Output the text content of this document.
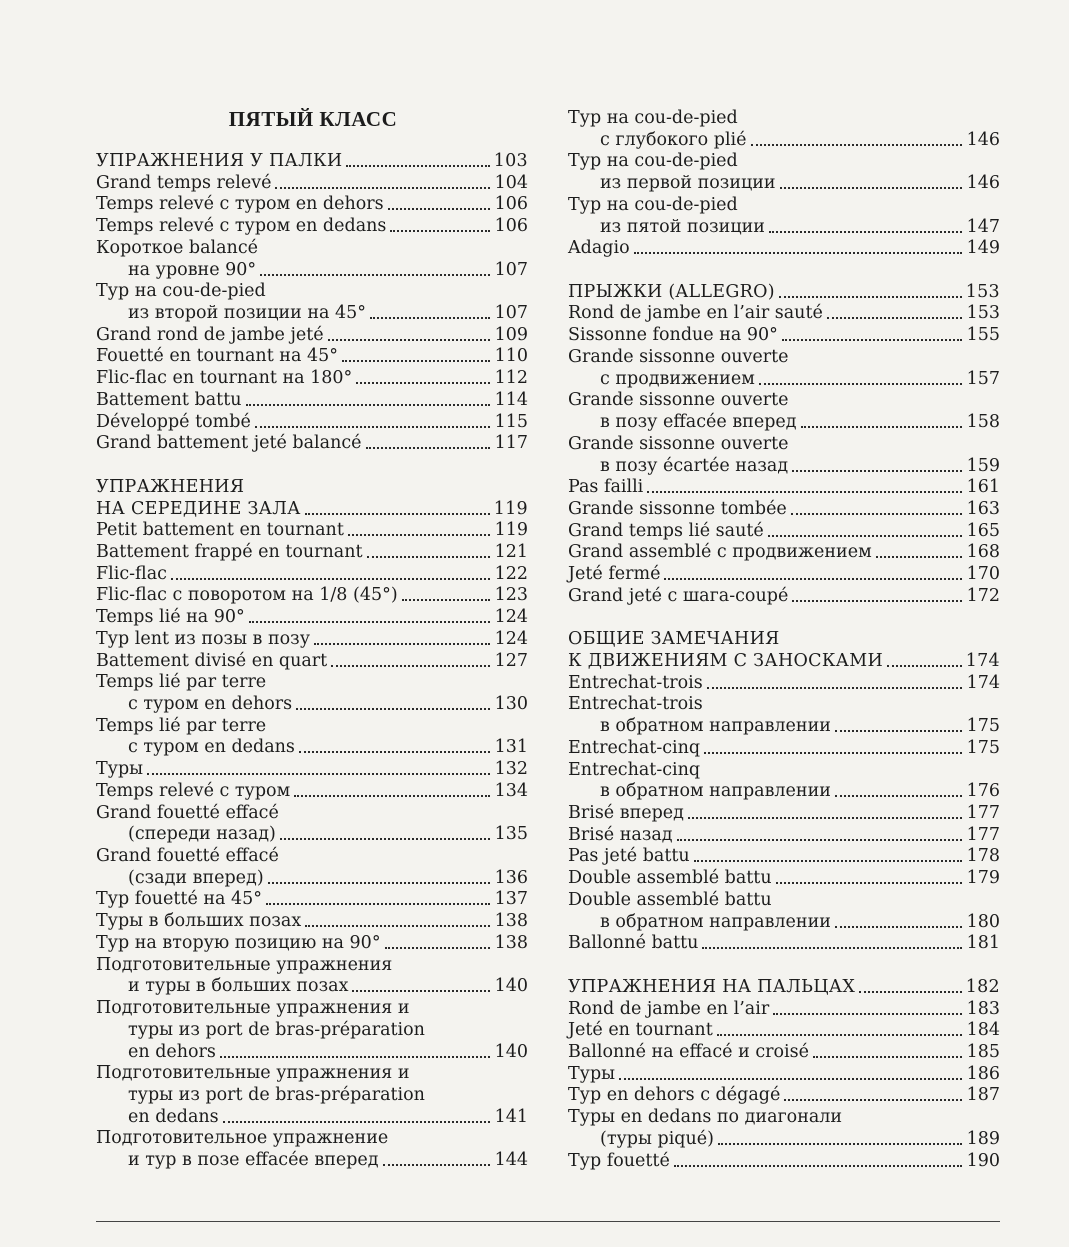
ПЯТЫЙ КЛАСС
УПРАЖНЕНИЯ У ПАЛКИ	103
Grand temps relevé	104
Temps relevé с туром en dehors	106
Temps relevé с туром en dedans	106
Короткое balancé
на уровне 90°	107
Тур на cou-de-pied
из второй позиции на 45°	107
Grand rond de jambe jeté	109
Fouetté en tournant на 45°	110
Flic-flac en tournant на 180°	112
Battement battu	114
Développé tombé	115
Grand battement jeté balancé	117
УПРАЖНЕНИЯ
НА СЕРЕДИНЕ ЗАЛА	119
Petit battement en tournant	119
Battement frappé en tournant	121
Flic-flac	122
Flic-flac с поворотом на 1/8 (45°)	123
Temps lié на 90°	124
Тур lent из позы в позу	124
Battement divisé en quart	127
Temps lié par terre
с туром en dehors	130
Temps lié par terre
с туром en dedans	131
Туры	132
Temps relevé с туром	134
Grand fouetté effacé
(спереди назад)	135
Grand fouetté effacé
(сзади вперед)	136
Тур fouetté на 45°	137
Туры в больших позах	138
Тур на вторую позицию на 90°	138
Подготовительные упражнения
и туры в больших позах	140
Подготовительные упражнения и
туры из port de bras-préparation
en dehors	140
Подготовительные упражнения и
туры из port de bras-préparation
en dedans	141
Подготовительное упражнение
и тур в позе effacée вперед	144
Тур на cou-de-pied
с глубокого plié	146
Тур на cou-de-pied
из первой позиции	146
Тур на cou-de-pied
из пятой позиции	147
Adagio	149
ПРЫЖКИ (ALLEGRO)	153
Rond de jambe en l’air sauté	153
Sissonne fondue на 90°	155
Grande sissonne ouverte
с продвижением	157
Grande sissonne ouverte
в позу effacée вперед	158
Grande sissonne ouverte
в позу écartée назад	159
Pas failli	161
Grande sissonne tombée	163
Grand temps lié sauté	165
Grand assemblé с продвижением	168
Jeté fermé	170
Grand jeté с шага-coupé	172
ОБЩИЕ ЗАМЕЧАНИЯ
К ДВИЖЕНИЯМ С ЗАНОСКАМИ	174
Entrechat-trois	174
Entrechat-trois
в обратном направлении	175
Entrechat-cinq	175
Entrechat-cinq
в обратном направлении	176
Brisé вперед	177
Brisé назад	177
Pas jeté battu	178
Double assemblé battu	179
Double assemblé battu
в обратном направлении	180
Ballonné battu	181
УПРАЖНЕНИЯ НА ПАЛЬЦАХ	182
Rond de jambe en l’air	183
Jeté en tournant	184
Ballonné на effacé и croisé	185
Туры	186
Тур en dehors с dégagé	187
Туры en dedans по диагонали
(туры piqué)	189
Тур fouetté	190
